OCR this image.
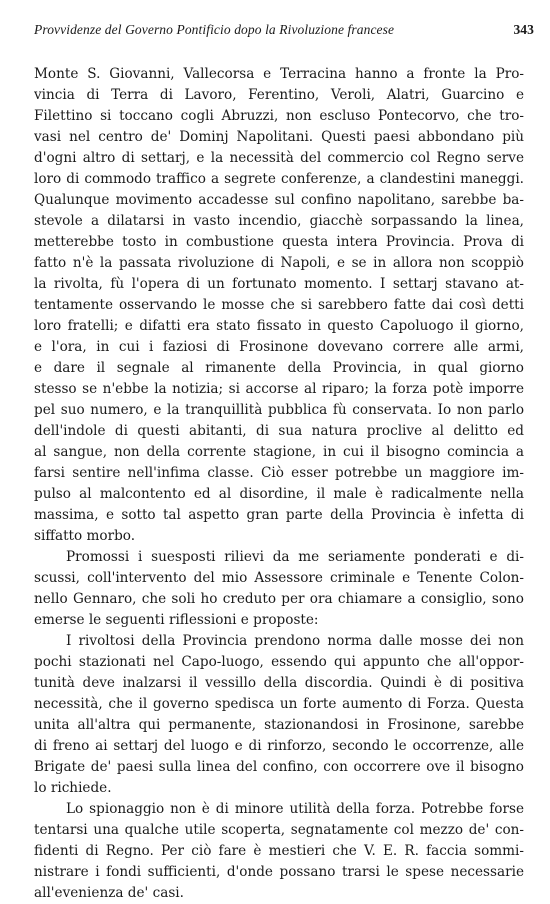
Provvidenze del Governo Pontificio dopo la Rivoluzione francese	343
Monte S. Giovanni, Vallecorsa e Terracina hanno a fronte la Pro-
vincia di Terra di Lavoro, Ferentino, Veroli, Alatri, Guarcino e
Filettino si toccano cogli Abruzzi, non escluso Pontecorvo, che tro-
vasi nel centro de' Dominj Napolitani. Questi paesi abbondano più
d'ogni altro di settarj, e la necessità del commercio col Regno serve
loro di commodo traffico a segrete conferenze, a clandestini maneggi.
Qualunque movimento accadesse sul confino napolitano, sarebbe ba-
stevole a dilatarsi in vasto incendio, giacchè sorpassando la linea,
metterebbe tosto in combustione questa intera Provincia. Prova di
fatto n'è la passata rivoluzione di Napoli, e se in allora non scoppiò
la rivolta, fù l'opera di un fortunato momento. I settarj stavano at-
tentamente osservando le mosse che si sarebbero fatte dai così detti
loro fratelli; e difatti era stato fissato in questo Capoluogo il giorno,
e l'ora, in cui i faziosi di Frosinone dovevano correre alle armi,
e dare il segnale al rimanente della Provincia, in qual giorno
stesso se n'ebbe la notizia; si accorse al riparo; la forza potè imporre
pel suo numero, e la tranquillità pubblica fù conservata. Io non parlo
dell'indole di questi abitanti, di sua natura proclive al delitto ed
al sangue, non della corrente stagione, in cui il bisogno comincia a
farsi sentire nell'infima classe. Ciò esser potrebbe un maggiore im-
pulso al malcontento ed al disordine, il male è radicalmente nella
massima, e sotto tal aspetto gran parte della Provincia è infetta di
siffatto morbo.
Promossi i suesposti rilievi da me seriamente ponderati e di-
scussi, coll'intervento del mio Assessore criminale e Tenente Colon-
nello Gennaro, che soli ho creduto per ora chiamare a consiglio, sono
emerse le seguenti riflessioni e proposte:
I rivoltosi della Provincia prendono norma dalle mosse dei non
pochi stazionati nel Capo-luogo, essendo qui appunto che all'oppor-
tunità deve inalzarsi il vessillo della discordia. Quindi è di positiva
necessità, che il governo spedisca un forte aumento di Forza. Questa
unita all'altra qui permanente, stazionandosi in Frosinone, sarebbe
di freno ai settarj del luogo e di rinforzo, secondo le occorrenze, alle
Brigate de' paesi sulla linea del confino, con occorrere ove il bisogno
lo richiede.
Lo spionaggio non è di minore utilità della forza. Potrebbe forse
tentarsi una qualche utile scoperta, segnatamente col mezzo de' con-
fidenti di Regno. Per ciò fare è mestieri che V. E. R. faccia sommi-
nistrare i fondi sufficienti, d'onde possano trarsi le spese necessarie
all'evenienza de' casi.
